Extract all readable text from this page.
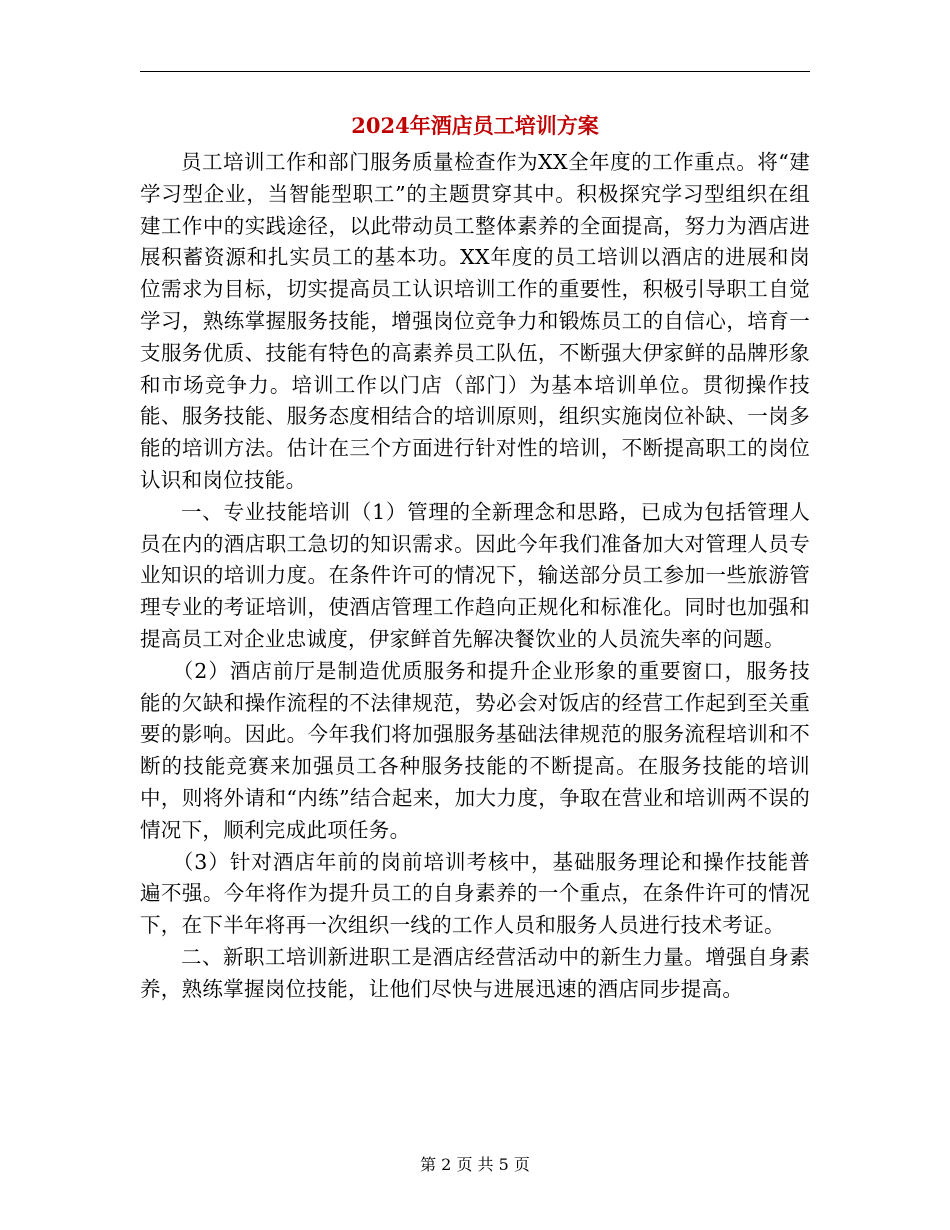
2024年酒店员工培训方案

员工培训工作和部门服务质量检查作为XX全年度的工作重点。将“建学习型企业，当智能型职工”的主题贯穿其中。积极探究学习型组织在组建工作中的实践途径，以此带动员工整体素养的全面提高，努力为酒店进展积蓄资源和扎实员工的基本功。XX年度的员工培训以酒店的进展和岗位需求为目标，切实提高员工认识培训工作的重要性，积极引导职工自觉学习，熟练掌握服务技能，增强岗位竞争力和锻炼员工的自信心，培育一支服务优质、技能有特色的高素养员工队伍，不断强大伊家鲜的品牌形象和市场竞争力。培训工作以门店（部门）为基本培训单位。贯彻操作技能、服务技能、服务态度相结合的培训原则，组织实施岗位补缺、一岗多能的培训方法。估计在三个方面进行针对性的培训，不断提高职工的岗位认识和岗位技能。

一、专业技能培训（1）管理的全新理念和思路，已成为包括管理人员在内的酒店职工急切的知识需求。因此今年我们准备加大对管理人员专业知识的培训力度。在条件许可的情况下，输送部分员工参加一些旅游管理专业的考证培训，使酒店管理工作趋向正规化和标准化。同时也加强和提高员工对企业忠诚度，伊家鲜首先解决餐饮业的人员流失率的问题。

（2）酒店前厅是制造优质服务和提升企业形象的重要窗口，服务技能的欠缺和操作流程的不法律规范，势必会对饭店的经营工作起到至关重要的影响。因此。今年我们将加强服务基础法律规范的服务流程培训和不断的技能竞赛来加强员工各种服务技能的不断提高。在服务技能的培训中，则将外请和“内练”结合起来，加大力度，争取在营业和培训两不误的情况下，顺利完成此项任务。

（3）针对酒店年前的岗前培训考核中，基础服务理论和操作技能普遍不强。今年将作为提升员工的自身素养的一个重点，在条件许可的情况下，在下半年将再一次组织一线的工作人员和服务人员进行技术考证。

二、新职工培训新进职工是酒店经营活动中的新生力量。增强自身素养，熟练掌握岗位技能，让他们尽快与进展迅速的酒店同步提高。

第 2 页 共 5 页
